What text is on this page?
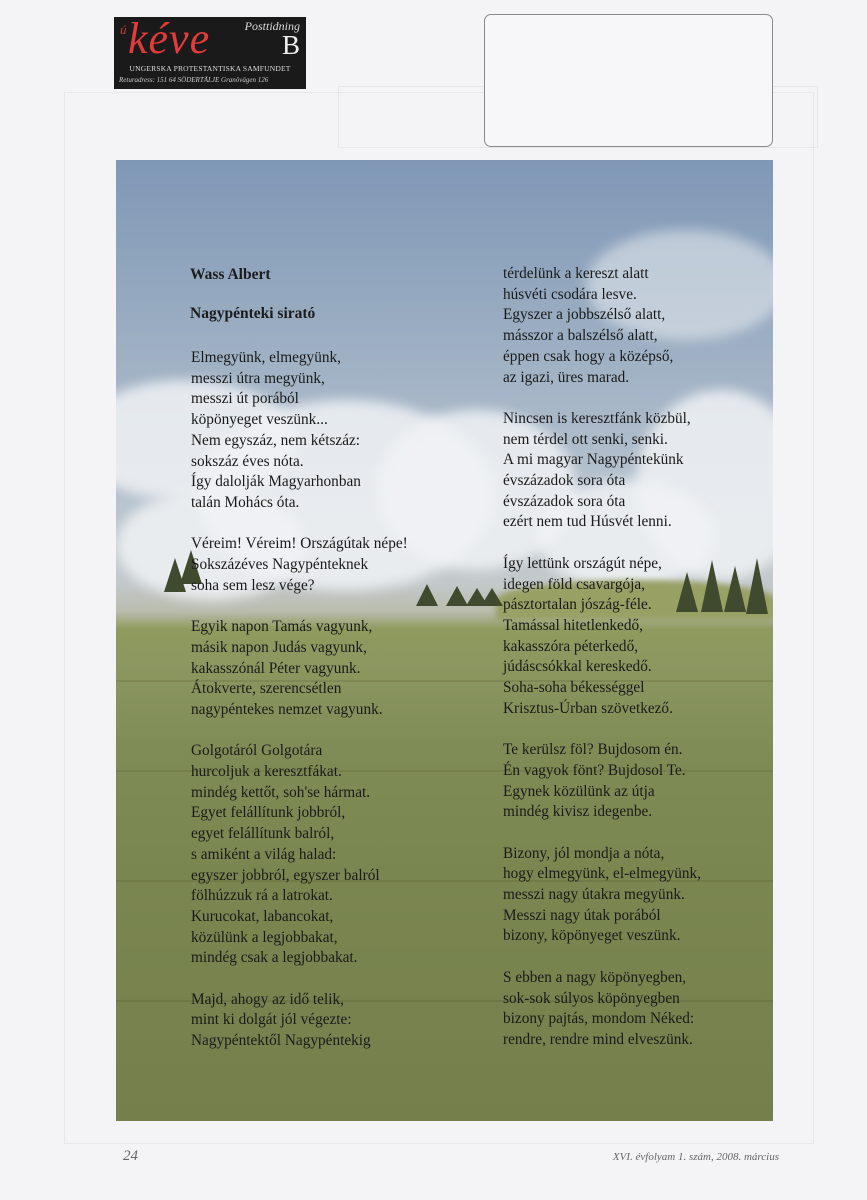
ú kéve	Posttidning
B
UNGERSKA PROTESTANTISKA SAMFUNDET
Returadress: 151 64 SÖDERTÄLJE Granövägen 126
Wass Albert
Nagypénteki sirató
Elmegyünk, elmegyünk,
messzi útra megyünk,
messzi út porából
köpönyeget veszünk...
Nem egyszáz, nem kétszáz:
sokszáz éves nóta.
Így dalolják Magyarhonban
talán Mohács óta.
Véreim! Véreim! Országútak népe!
Sokszázéves Nagypénteknek
soha sem lesz vége?
Egyik napon Tamás vagyunk,
másik napon Judás vagyunk,
kakasszónál Péter vagyunk.
Átokverte, szerencsétlen
nagypéntekes nemzet vagyunk.
Golgotáról Golgotára
hurcoljuk a keresztfákat.
mindég kettőt, soh'se hármat.
Egyet felállítunk jobbról,
egyet felállítunk balról,
s amiként a világ halad:
egyszer jobbról, egyszer balról
fölhúzzuk rá a latrokat.
Kurucokat, labancokat,
közülünk a legjobbakat,
mindég csak a legjobbakat.
Majd, ahogy az idő telik,
mint ki dolgát jól végezte:
Nagypéntektől Nagypéntekig
térdelünk a kereszt alatt
húsvéti csodára lesve.
Egyszer a jobbszélső alatt,
másszor a balszélső alatt,
éppen csak hogy a középső,
az igazi, üres marad.
Nincsen is keresztfánk közbül,
nem térdel ott senki, senki.
A mi magyar Nagypéntekünk
évszázadok sora óta
évszázadok sora óta
ezért nem tud Húsvét lenni.
Így lettünk országút népe,
idegen föld csavargója,
pásztortalan jószág-féle.
Tamással hitetlenkedő,
kakasszóra péterkedő,
júdáscsókkal kereskedő.
Soha-soha békességgel
Krisztus-Úrban szövetkező.
Te kerülsz föl? Bujdosom én.
Én vagyok fönt? Bujdosol Te.
Egynek közülünk az útja
mindég kivisz idegenbe.
Bizony, jól mondja a nóta,
hogy elmegyünk, el-elmegyünk,
messzi nagy útakra megyünk.
Messzi nagy útak porából
bizony, köpönyeget veszünk.
S ebben a nagy köpönyegben,
sok-sok súlyos köpönyegben
bizony pajtás, mondom Néked:
rendre, rendre mind elveszünk.
24	XVI. évfolyam 1. szám, 2008. március
